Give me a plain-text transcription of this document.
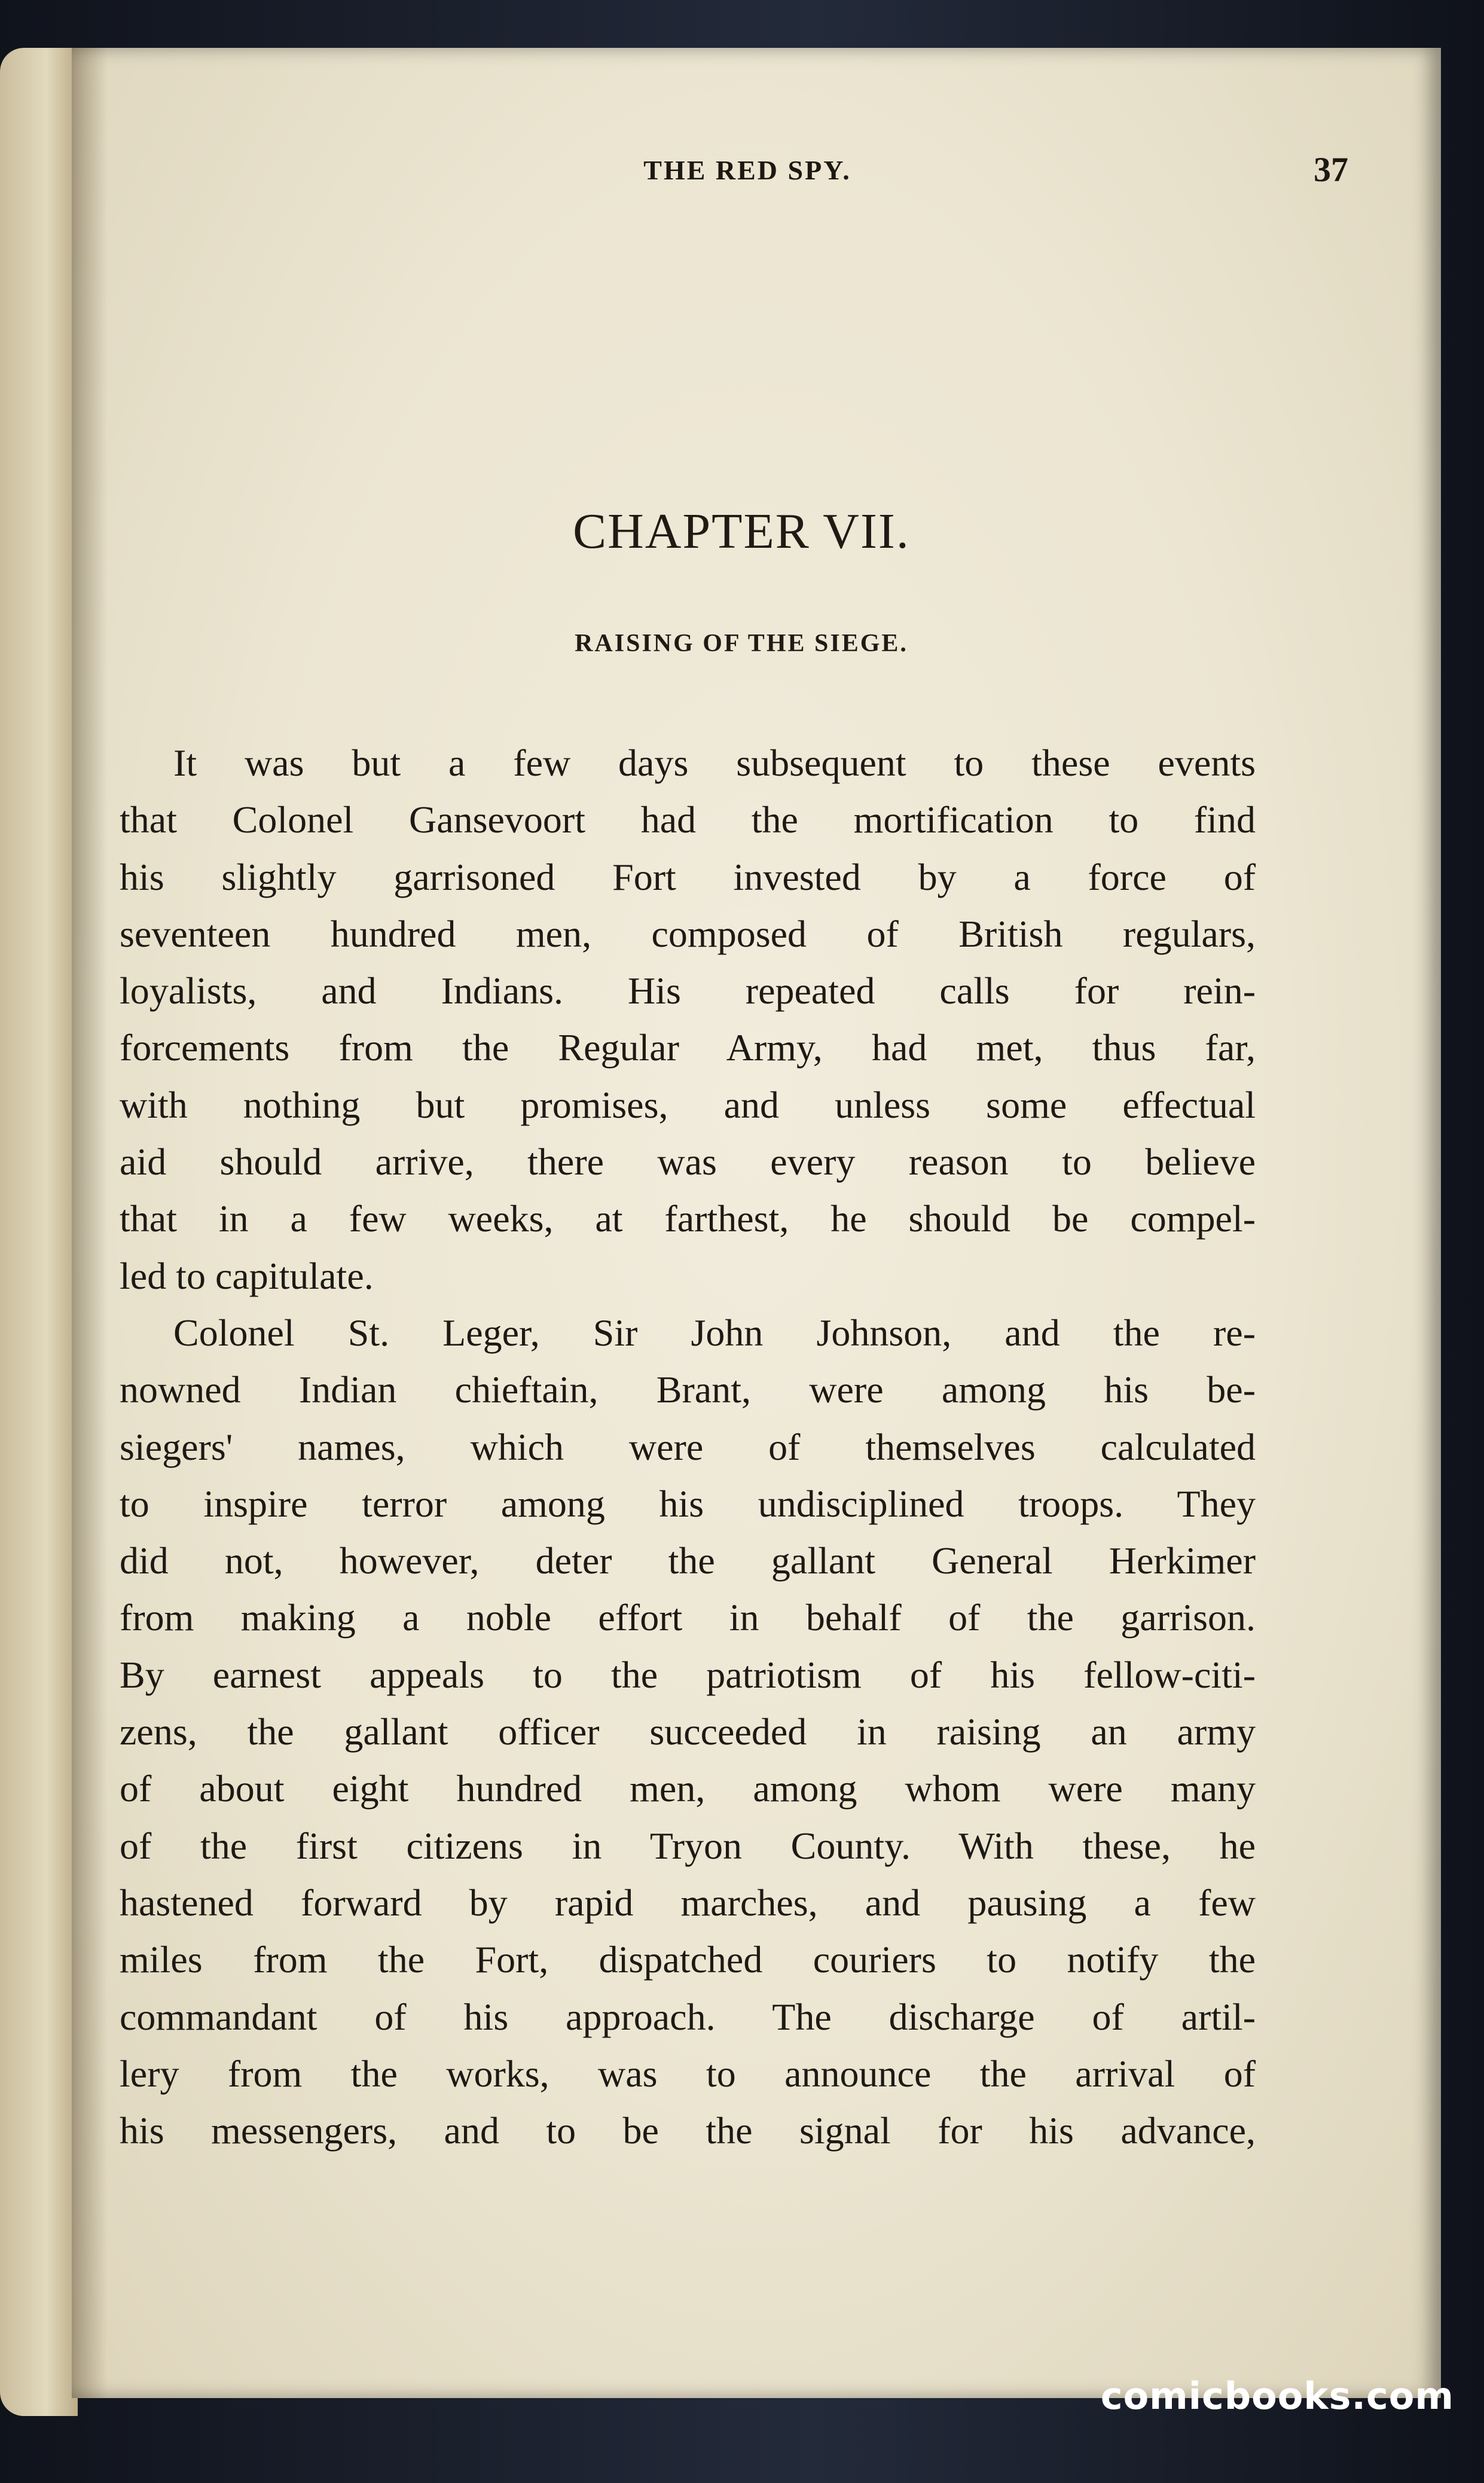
THE RED SPY.	37
CHAPTER VII.
RAISING OF THE SIEGE.
It was but a few days subsequent to these events
that Colonel Gansevoort had the mortification to find
his slightly garrisoned Fort invested by a force of
seventeen hundred men, composed of British regulars,
loyalists, and Indians. His repeated calls for rein-
forcements from the Regular Army, had met, thus far,
with nothing but promises, and unless some effectual
aid should arrive, there was every reason to believe
that in a few weeks, at farthest, he should be compel-
led to capitulate.
Colonel St. Leger, Sir John Johnson, and the re-
nowned Indian chieftain, Brant, were among his be-
siegers' names, which were of themselves calculated
to inspire terror among his undisciplined troops. They
did not, however, deter the gallant General Herkimer
from making a noble effort in behalf of the garrison.
By earnest appeals to the patriotism of his fellow-citi-
zens, the gallant officer succeeded in raising an army
of about eight hundred men, among whom were many
of the first citizens in Tryon County. With these, he
hastened forward by rapid marches, and pausing a few
miles from the Fort, dispatched couriers to notify the
commandant of his approach. The discharge of artil-
lery from the works, was to announce the arrival of
his messengers, and to be the signal for his advance,
comicbooks.com
